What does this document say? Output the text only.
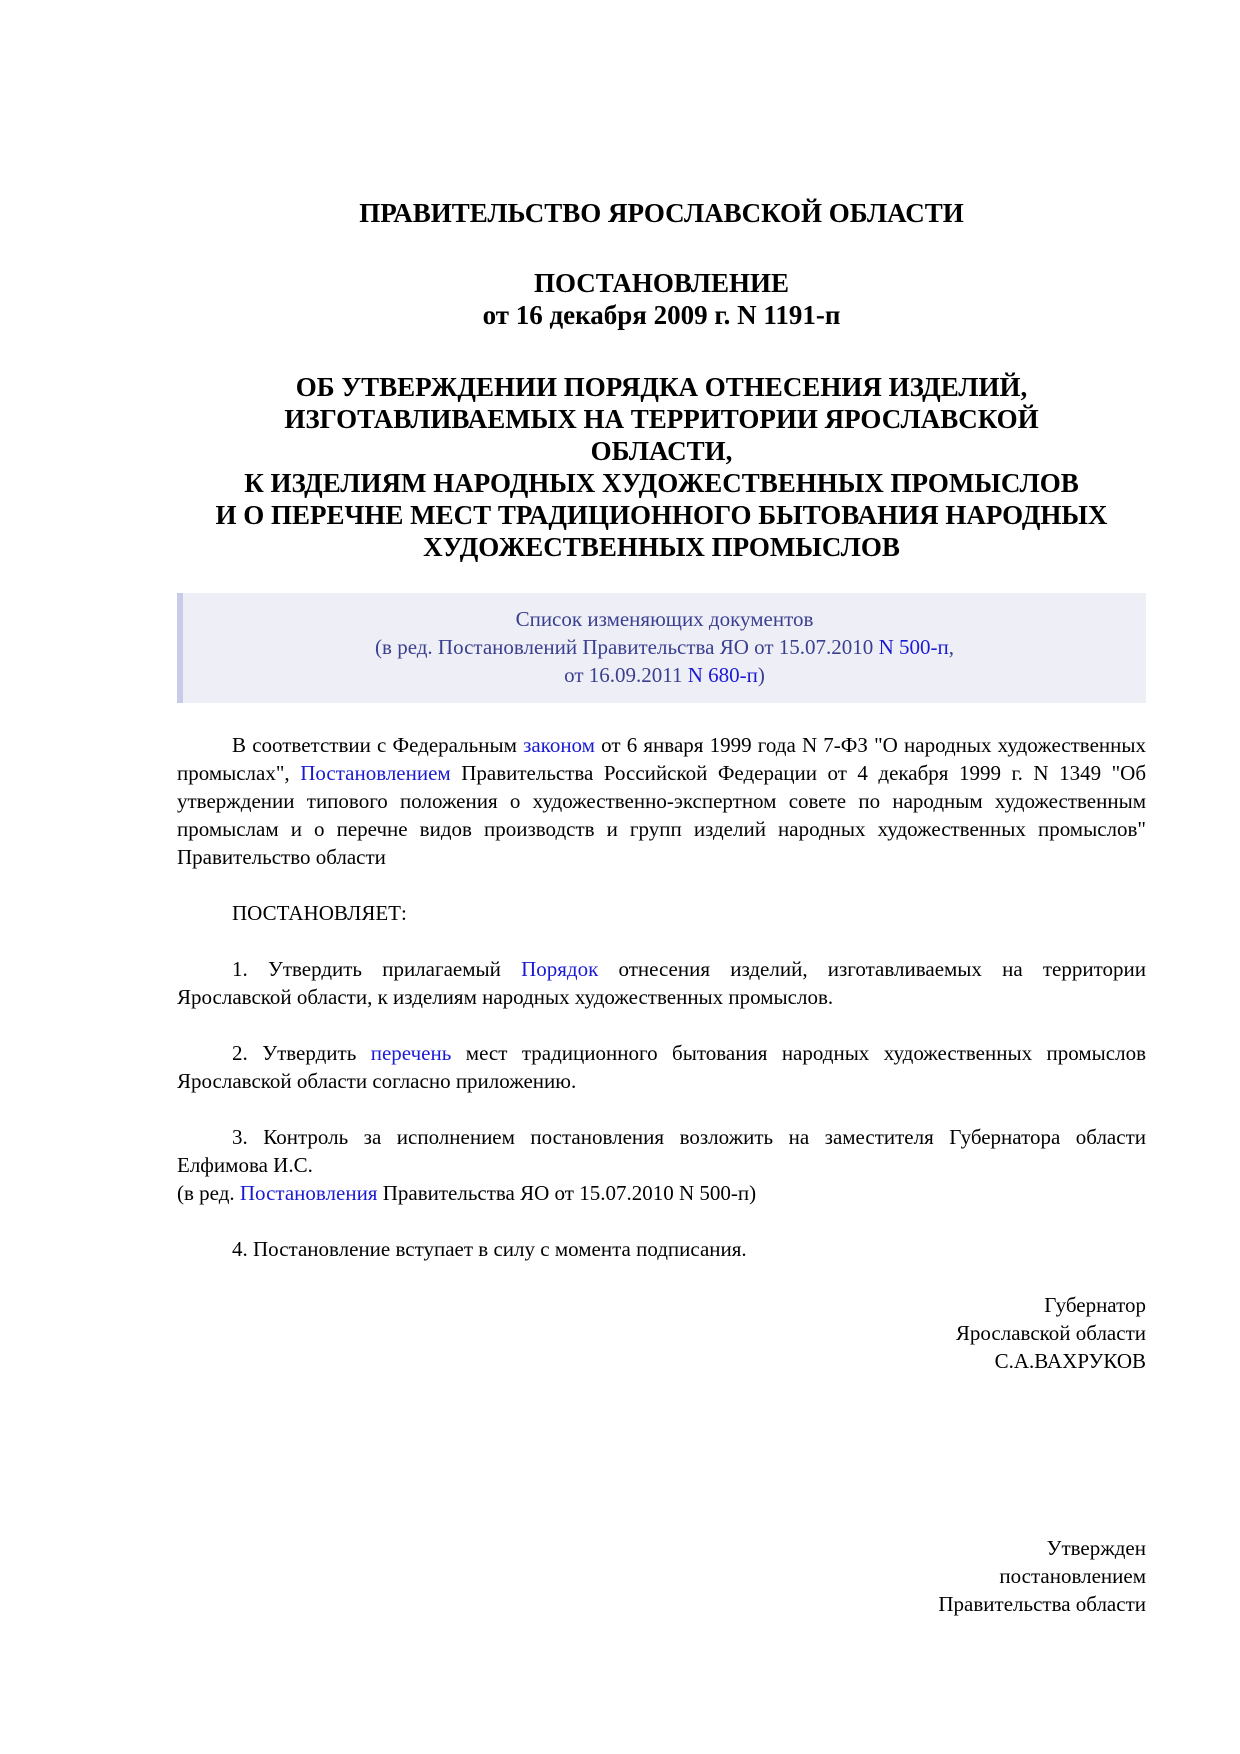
ПРАВИТЕЛЬСТВО ЯРОСЛАВСКОЙ ОБЛАСТИ

ПОСТАНОВЛЕНИЕ

от 16 декабря 2009 г. N 1191-п

ОБ УТВЕРЖДЕНИИ ПОРЯДКА ОТНЕСЕНИЯ ИЗДЕЛИЙ,
ИЗГОТАВЛИВАЕМЫХ НА ТЕРРИТОРИИ ЯРОСЛАВСКОЙ
ОБЛАСТИ,
К ИЗДЕЛИЯМ НАРОДНЫХ ХУДОЖЕСТВЕННЫХ ПРОМЫСЛОВ
И О ПЕРЕЧНЕ МЕСТ ТРАДИЦИОННОГО БЫТОВАНИЯ НАРОДНЫХ
ХУДОЖЕСТВЕННЫХ ПРОМЫСЛОВ

Список изменяющих документов
(в ред. Постановлений Правительства ЯО от 15.07.2010 N 500-п,
от 16.09.2011 N 680-п)

В соответствии с Федеральным законом от 6 января 1999 года N 7-ФЗ "О народных художественных промыслах", Постановлением Правительства Российской Федерации от 4 декабря 1999 г. N 1349 "Об утверждении типового положения о художественно-экспертном совете по народным художественным промыслам и о перечне видов производств и групп изделий народных художественных промыслов" Правительство области

ПОСТАНОВЛЯЕТ:

1. Утвердить прилагаемый Порядок отнесения изделий, изготавливаемых на территории Ярославской области, к изделиям народных художественных промыслов.

2. Утвердить перечень мест традиционного бытования народных художественных промыслов Ярославской области согласно приложению.

3. Контроль за исполнением постановления возложить на заместителя Губернатора области Елфимова И.С.

(в ред. Постановления Правительства ЯО от 15.07.2010 N 500-п)

4. Постановление вступает в силу с момента подписания.

Губернатор
Ярославской области
С.А.ВАХРУКОВ
Утвержден
постановлением
Правительства области
